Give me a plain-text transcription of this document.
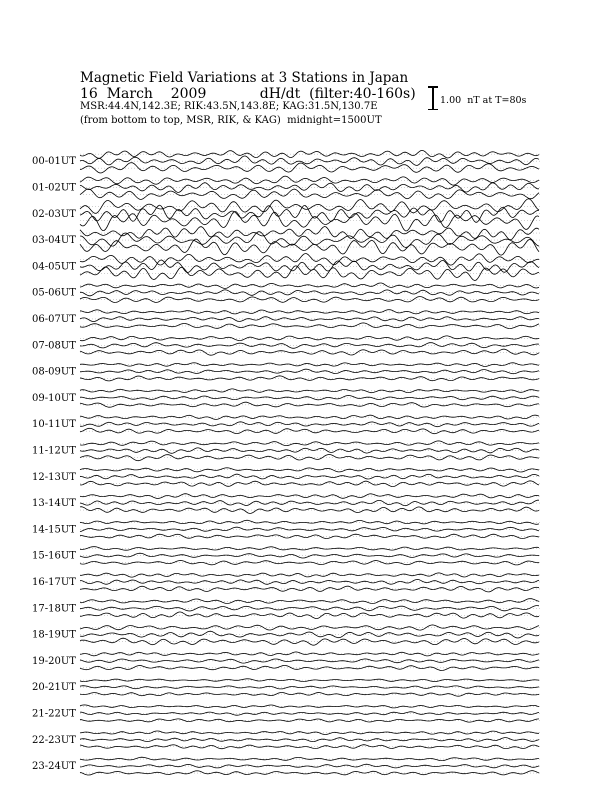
Magnetic Field Variations at 3 Stations in Japan
16  March    2009            dH/dt  (filter:40-160s)
MSR:44.4N,142.3E; RIK:43.5N,143.8E; KAG:31.5N,130.7E
(from bottom to top, MSR, RIK, & KAG)  midnight=1500UT
1.00  nT at T=80s
00-01UT
01-02UT
02-03UT
03-04UT
04-05UT
05-06UT
06-07UT
07-08UT
08-09UT
09-10UT
10-11UT
11-12UT
12-13UT
13-14UT
14-15UT
15-16UT
16-17UT
17-18UT
18-19UT
19-20UT
20-21UT
21-22UT
22-23UT
23-24UT
